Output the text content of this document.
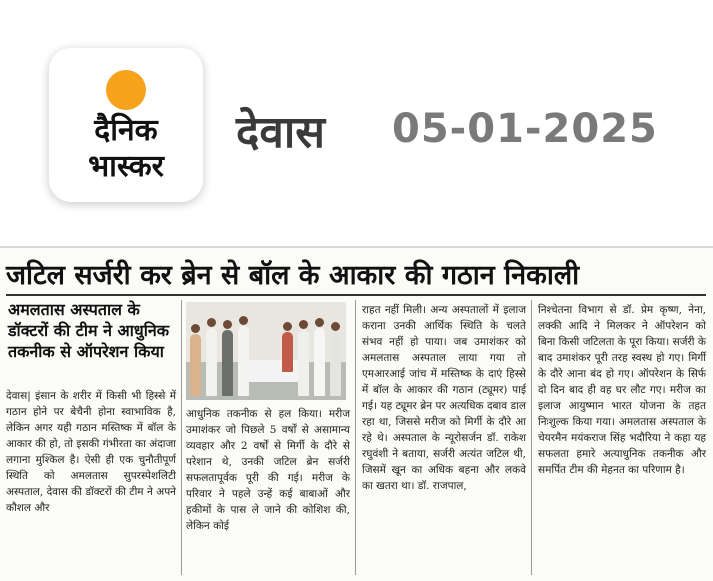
दैनिक
भास्कर
देवास 05-01-2025
जटिल सर्जरी कर ब्रेन से बॉल के आकार की गठान निकाली
अमलतास अस्पताल के डॉक्टरों की टीम ने आधुनिक तकनीक से ऑपरेशन किया

देवास| इंसान के शरीर में किसी भी हिस्से में गठान होने पर बेचैनी होना स्वाभाविक है, लेकिन अगर यही गठान मस्तिष्क में बॉल के आकार की हो, तो इसकी गंभीरता का अंदाजा लगाना मुश्किल है। ऐसी ही एक चुनौतीपूर्ण स्थिति को अमलतास सुपरस्पेशलिटी अस्पताल, देवास की डॉक्टरों की टीम ने अपने कौशल और

आधुनिक तकनीक से हल किया। मरीज उमाशंकर जो पिछले 5 वर्षों से असामान्य व्यवहार और 2 वर्षों से मिर्गी के दौरे से परेशान थे, उनकी जटिल ब्रेन सर्जरी सफलतापूर्वक पूरी की गई। मरीज के परिवार ने पहले उन्हें कई बाबाओं और हकीमों के पास ले जाने की कोशिश की, लेकिन कोई

राहत नहीं मिली। अन्य अस्पतालों में इलाज कराना उनकी आर्थिक स्थिति के चलते संभव नहीं हो पाया। जब उमाशंकर को अमलतास अस्पताल लाया गया तो एमआरआई जांच में मस्तिष्क के दाएं हिस्से में बॉल के आकार की गठान (ट्यूमर) पाई गई। यह ट्यूमर ब्रेन पर अत्यधिक दबाव डाल रहा था, जिससे मरीज को मिर्गी के दौरे आ रहे थे। अस्पताल के न्यूरोसर्जन डॉ. राकेश रघुवंशी ने बताया, सर्जरी अत्यंत जटिल थी, जिसमें खून का अधिक बहना और लकवे का खतरा था। डॉ. राजपाल,

निश्चेतना विभाग से डॉ. प्रेम कृष्ण, नेना, लक्की आदि ने मिलकर ने ऑपरेशन को बिना किसी जटिलता के पूरा किया। सर्जरी के बाद उमाशंकर पूरी तरह स्वस्थ हो गए। मिर्गी के दौरे आना बंद हो गए। ऑपरेशन के सिर्फ दो दिन बाद ही वह घर लौट गए। मरीज का इलाज आयुष्मान भारत योजना के तहत निःशुल्क किया गया। अमलतास अस्पताल के चेयरमैन मयंकराज सिंह भदौरिया ने कहा यह सफलता हमारे अत्याधुनिक तकनीक और समर्पित टीम की मेहनत का परिणाम है।
